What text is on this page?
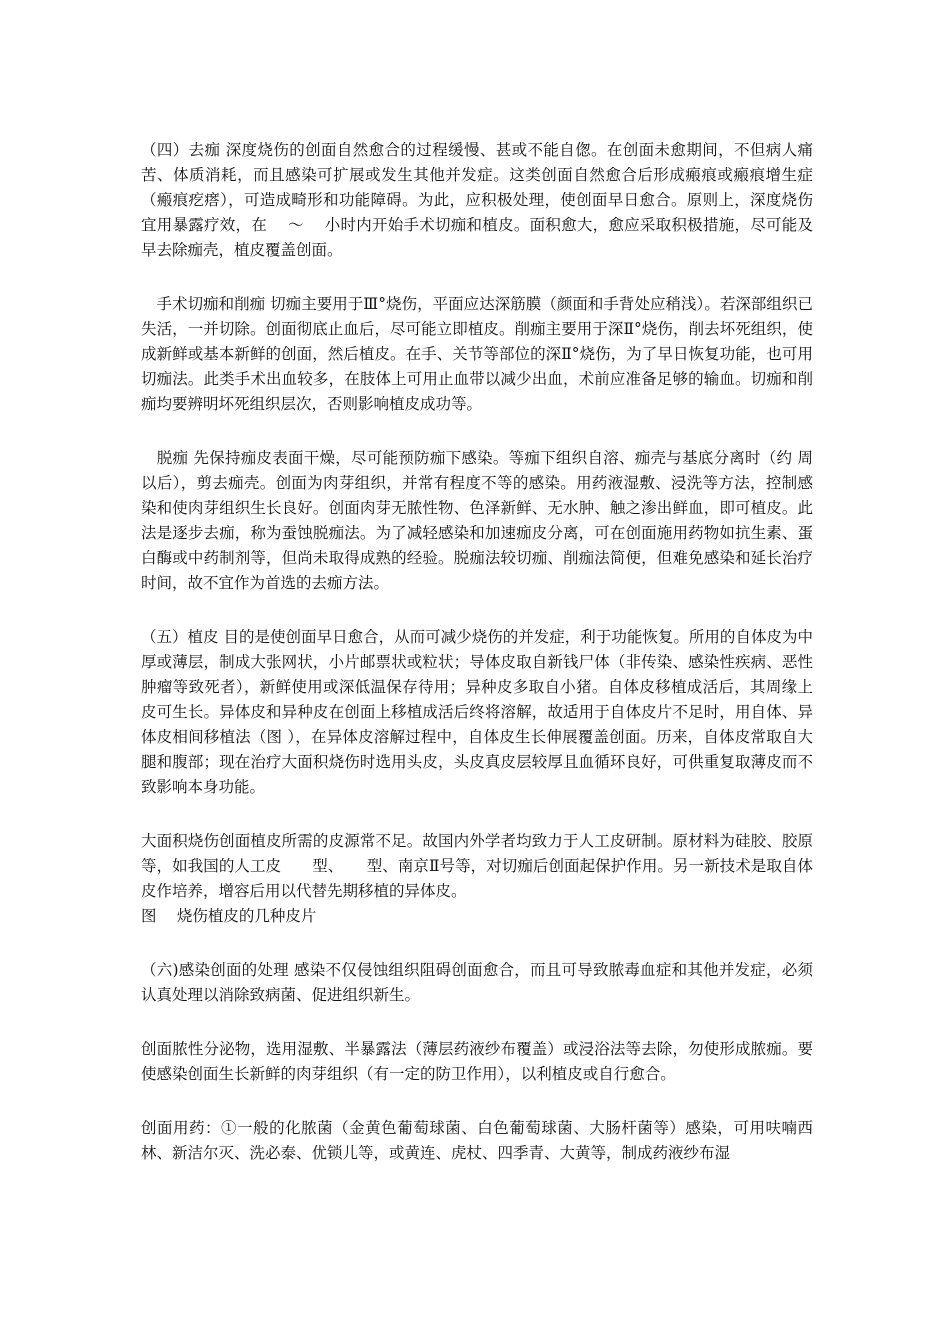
（四）去痂 深度烧伤的创面自然愈合的过程缓慢、甚或不能自偬。在创面未愈期间，不但病人痛苦、体质消耗，而且感染可扩展或发生其他并发症。这类创面自然愈合后形成瘢痕或瘢痕增生症（瘢痕疙瘩），可造成畸形和功能障碍。为此，应积极处理，使创面早日愈合。原则上，深度烧伤宜用暴露疗效，在 　～　 小时内开始手术切痂和植皮。面积愈大，愈应采取积极措施，尽可能及早去除痂壳，植皮覆盖创面。

　手术切痂和削痂 切痂主要用于Ⅲ°烧伤，平面应达深筋膜（颜面和手背处应稍浅）。若深部组织已失活，一并切除。创面彻底止血后，尽可能立即植皮。削痂主要用于深Ⅱ°烧伤，削去坏死组织，使成新鲜或基本新鲜的创面，然后植皮。在手、关节等部位的深Ⅱ°烧伤，为了早日恢复功能，也可用切痂法。此类手术出血较多，在肢体上可用止血带以减少出血，术前应准备足够的输血。切痂和削痂均要辨明坏死组织层次，否则影响植皮成功等。

　脱痂 先保持痂皮表面干燥，尽可能预防痂下感染。等痂下组织自溶、痂壳与基底分离时（约 周以后），剪去痂壳。创面为肉芽组织，并常有程度不等的感染。用药液湿敷、浸洗等方法，控制感染和使肉芽组织生长良好。创面肉芽无脓性物、色泽新鲜、无水肿、触之渗出鲜血，即可植皮。此法是逐步去痂，称为蚕蚀脱痂法。为了减轻感染和加速痂皮分离，可在创面施用药物如抗生素、蛋白酶或中药制剂等，但尚未取得成熟的经验。脱痂法较切痂、削痂法简便，但难免感染和延长治疗时间，故不宜作为首选的去痂方法。

（五）植皮 目的是使创面早日愈合，从而可减少烧伤的并发症，利于功能恢复。所用的自体皮为中厚或薄层，制成大张网状，小片邮票状或粒状；导体皮取自新钱尸体（非传染、感染性疾病、恶性肿瘤等致死者），新鲜使用或深低温保存待用；异种皮多取自小猪。自体皮移植成活后，其周缘上皮可生长。异体皮和异种皮在创面上移植成活后终将溶解，故适用于自体皮片不足时，用自体、异体皮相间移植法（图 ），在异体皮溶解过程中，自体皮生长伸展覆盖创面。历来，自体皮常取自大腿和腹部；现在治疗大面积烧伤时选用头皮，头皮真皮层较厚且血循环良好，可供重复取薄皮而不致影响本身功能。

大面积烧伤创面植皮所需的皮源常不足。故国内外学者均致力于人工皮研制。原材料为硅胶、胶原等，如我国的人工皮　　型、　　型、南京Ⅱ号等，对切痂后创面起保护作用。另一新技术是取自体皮作培养，增容后用以代替先期移植的异体皮。

图　 烧伤植皮的几种皮片

（六)感染创面的处理 感染不仅侵蚀组织阻碍创面愈合，而且可导致脓毒血症和其他并发症，必须认真处理以消除致病菌、促进组织新生。

创面脓性分泌物，选用湿敷、半暴露法（薄层药液纱布覆盖）或浸浴法等去除，勿使形成脓痂。要使感染创面生长新鲜的肉芽组织（有一定的防卫作用），以利植皮或自行愈合。

创面用药：①一般的化脓菌（金黄色葡萄球菌、白色葡萄球菌、大肠杆菌等）感染，可用呋喃西林、新洁尔灭、洗必泰、优锁儿等，或黄连、虎杖、四季青、大黄等，制成药液纱布湿
